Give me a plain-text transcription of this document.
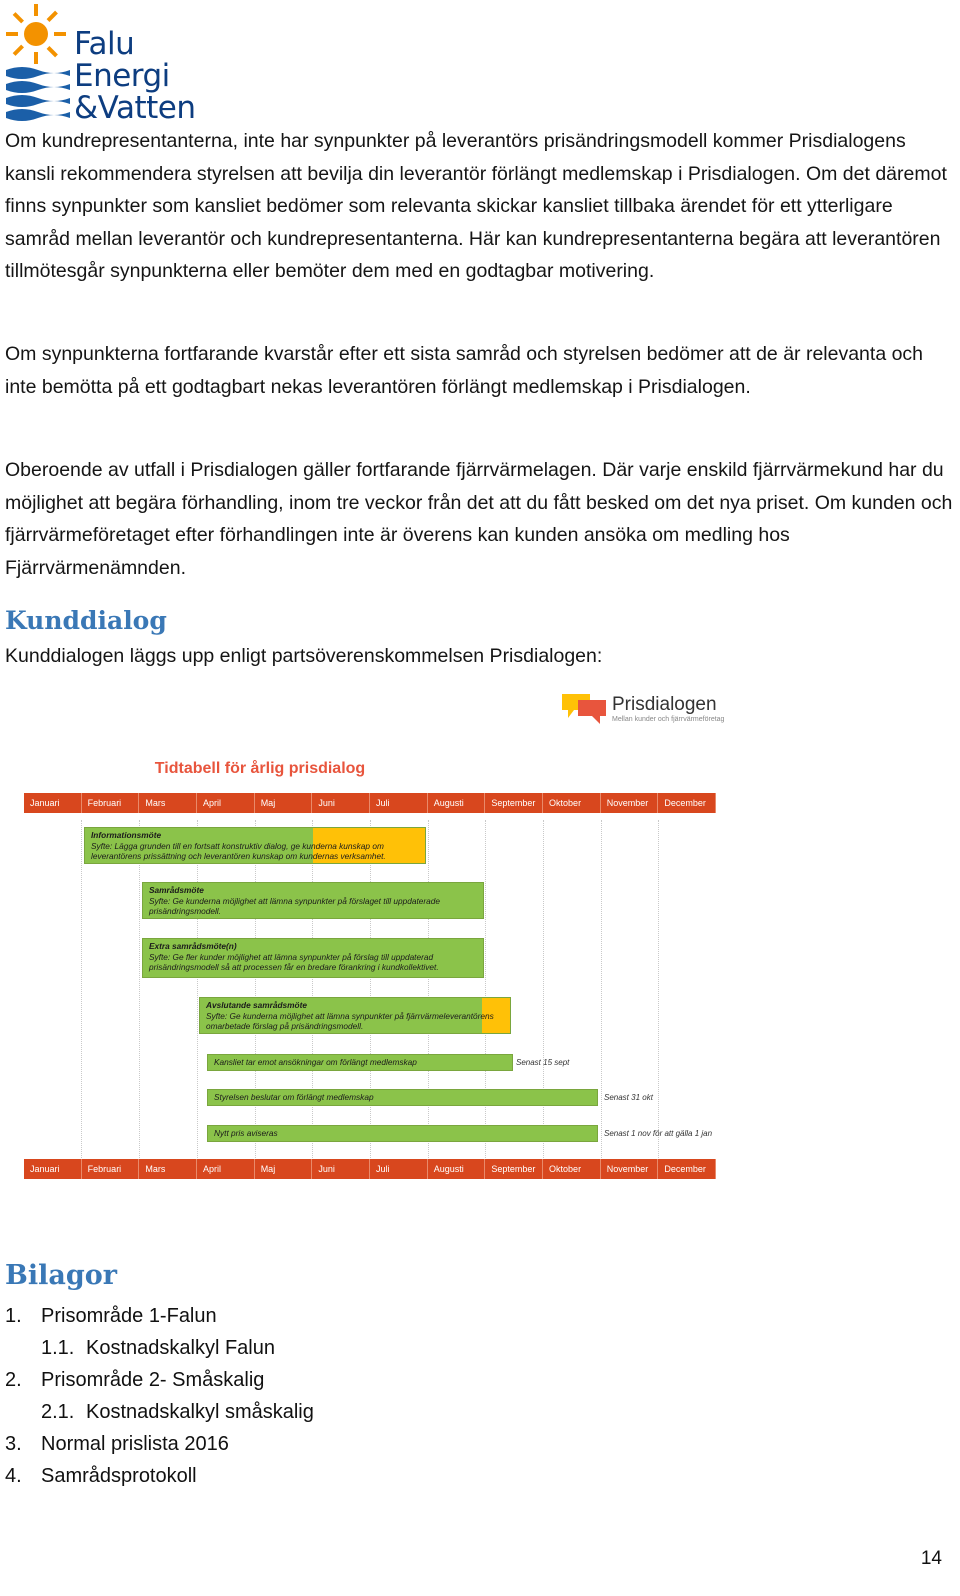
Falu
Energi
&Vatten

Om kundrepresentanterna, inte har synpunkter på leverantörs prisändringsmodell kommer Prisdialogens kansli rekommendera styrelsen att bevilja din leverantör förlängt medlemskap i Prisdialogen. Om det däremot finns synpunkter som kansliet bedömer som relevanta skickar kansliet tillbaka ärendet för ett ytterligare samråd mellan leverantör och kundrepresentanterna. Här kan kundrepresentanterna begära att leverantören tillmötesgår synpunkterna eller bemöter dem med en godtagbar motivering.

Om synpunkterna fortfarande kvarstår efter ett sista samråd och styrelsen bedömer att de är relevanta och inte bemötta på ett godtagbart nekas leverantören förlängt medlemskap i Prisdialogen.

Oberoende av utfall i Prisdialogen gäller fortfarande fjärrvärmelagen. Där varje enskild fjärrvärmekund har du möjlighet att begära förhandling, inom tre veckor från det att du fått besked om det nya priset. Om kunden och fjärrvärmeföretaget efter förhandlingen inte är överens kan kunden ansöka om medling hos Fjärrvärmenämnden.

Kunddialog
Kunddialogen läggs upp enligt partsöverenskommelsen Prisdialogen:
Prisdialogen
Mellan kunder och fjärrvärmeföretag
Tidtabell för årlig prisdialog
Januari	Februari	Mars	April	Maj	Juni	Juli	Augusti	September	Oktober	November	December
Informationsmöte
Syfte: Lägga grunden till en fortsatt konstruktiv dialog, ge kunderna kunskap om leverantörens prissättning och leverantören kunskap om kundernas verksamhet.
Samrådsmöte
Syfte: Ge kunderna möjlighet att lämna synpunkter på förslaget till uppdaterade prisändringsmodell.
Extra samrådsmöte(n)
Syfte: Ge fler kunder möjlighet att lämna synpunkter på förslag till uppdaterad prisändringsmodell så att processen får en bredare förankring i kundkollektivet.
Avslutande samrådsmöte
Syfte: Ge kunderna möjlighet att lämna synpunkter på fjärrvärmeleverantörens omarbetade förslag på prisändringsmodell.
Kansliet tar emot ansökningar om förlängt medlemskap	Senast 15 sept
Styrelsen beslutar om förlängt medlemskap	Senast 31 okt
Nytt pris aviseras	Senast 1 nov för att gälla 1 jan
Januari	Februari	Mars	April	Maj	Juni	Juli	Augusti	September	Oktober	November	December
Bilagor
1. Prisområde 1-Falun
1.1. Kostnadskalkyl Falun
2. Prisområde 2- Småskalig
2.1. Kostnadskalkyl småskalig
3. Normal prislista 2016
4. Samrådsprotokoll
14
